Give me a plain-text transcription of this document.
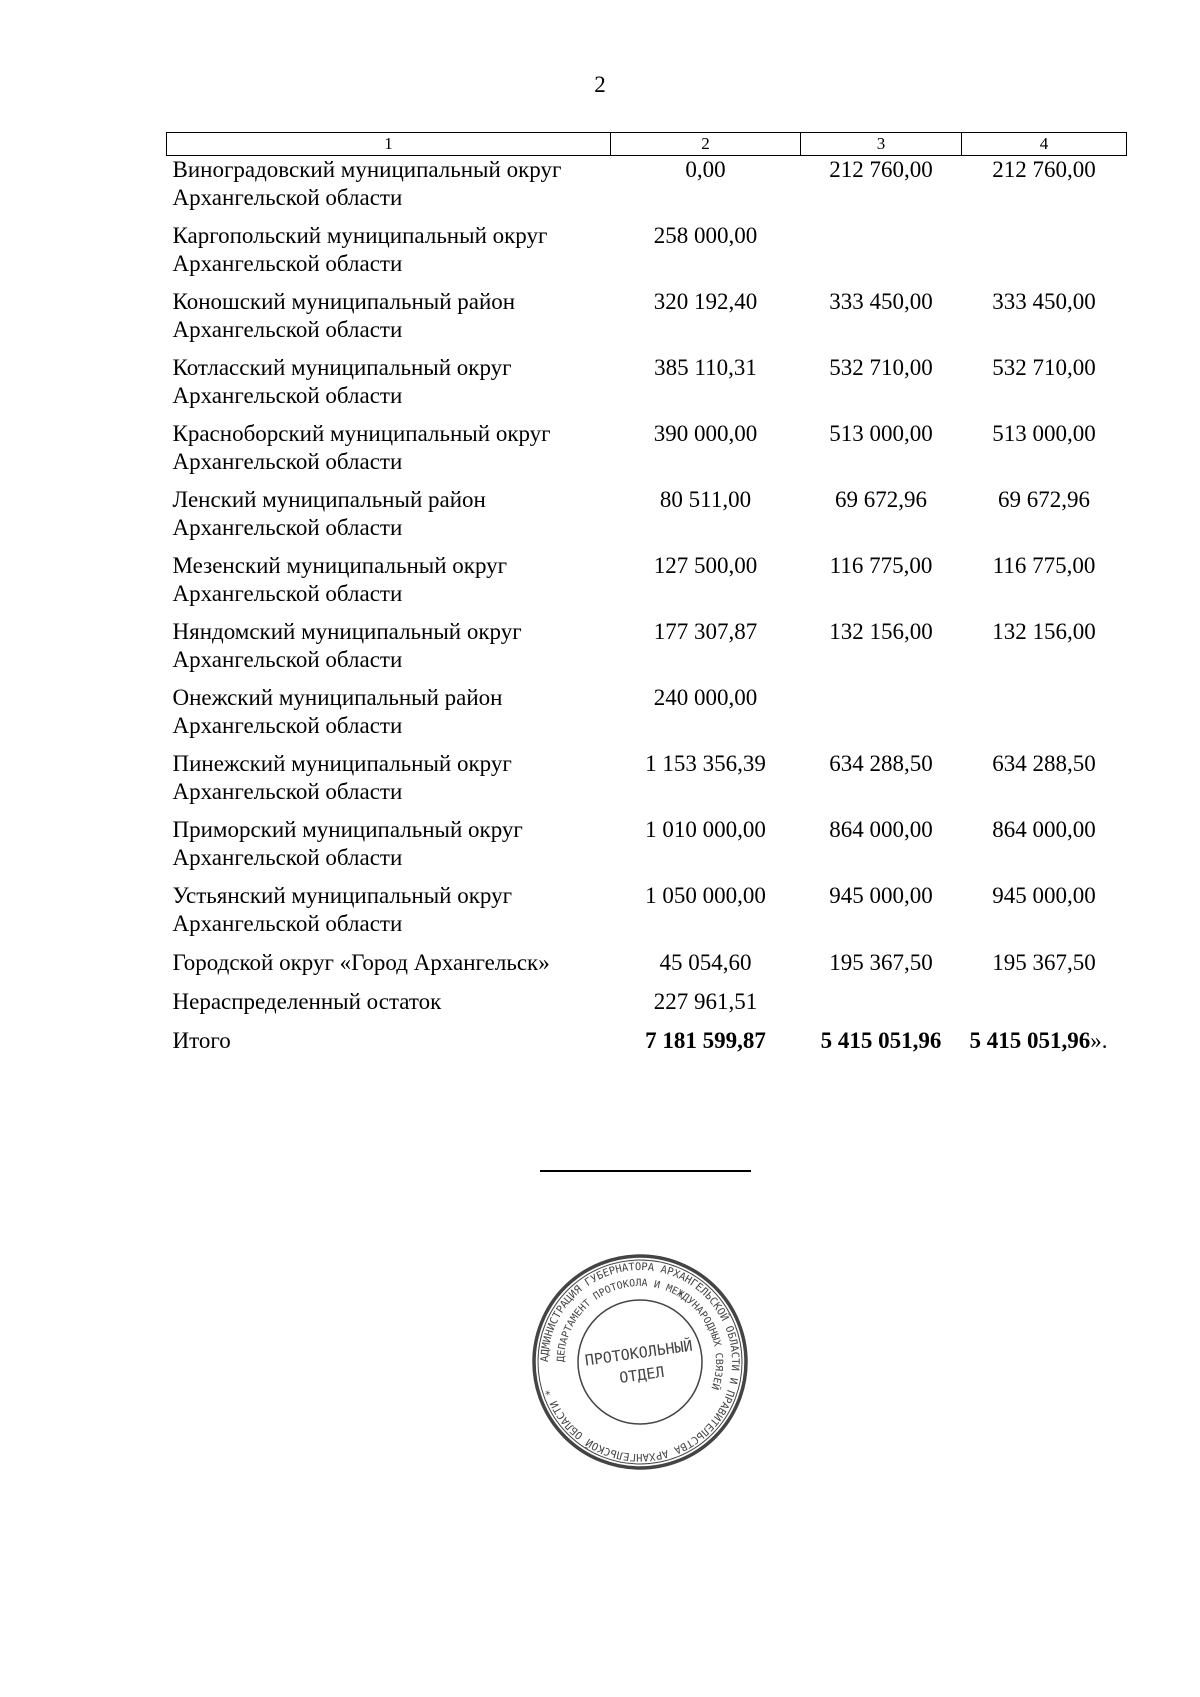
2
1	2	3	4

Виноградовский муниципальный округ
Архангельской области	0,00	212 760,00	212 760,00

Каргопольский муниципальный округ
Архангельской области	258 000,00		

Коношский муниципальный район
Архангельской области	320 192,40	333 450,00	333 450,00

Котласский муниципальный округ
Архангельской области	385 110,31	532 710,00	532 710,00

Красноборский муниципальный округ
Архангельской области	390 000,00	513 000,00	513 000,00

Ленский муниципальный район
Архангельской области	80 511,00	69 672,96	69 672,96

Мезенский муниципальный округ
Архангельской области	127 500,00	116 775,00	116 775,00

Няндомский муниципальный округ
Архангельской области	177 307,87	132 156,00	132 156,00

Онежский муниципальный район
Архангельской области	240 000,00		

Пинежский муниципальный округ
Архангельской области	1 153 356,39	634 288,50	634 288,50

Приморский муниципальный округ
Архангельской области	1 010 000,00	864 000,00	864 000,00

Устьянский муниципальный округ
Архангельской области	1 050 000,00	945 000,00	945 000,00

Городской округ «Город Архангельск»	45 054,60	195 367,50	195 367,50

Нераспределенный остаток	227 961,51		
Итого	7 181 599,87	5 415 051,96	5 415 051,96».
АДМИНИСТРАЦИЯ ГУБЕРНАТОРА АРХАНГЕЛЬСКОЙ ОБЛАСТИ И ПРАВИТЕЛЬСТВА АРХАНГЕЛЬСКОЙ ОБЛАСТИ *
ДЕПАРТАМЕНТ ПРОТОКОЛА И МЕЖДУНАРОДНЫХ СВЯЗЕЙ
ПРОТОКОЛЬНЫЙ
ОТДЕЛ
